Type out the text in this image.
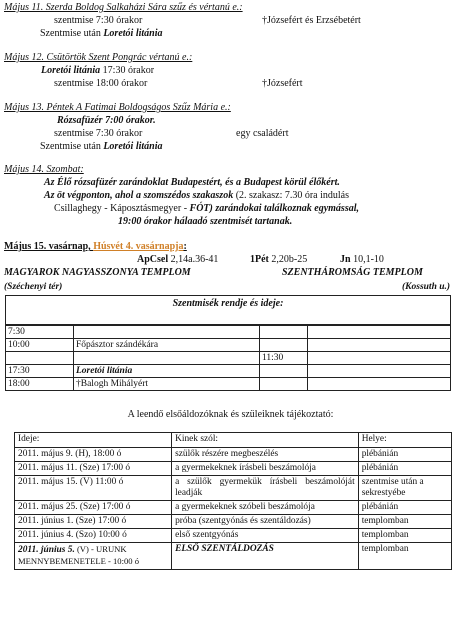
Május 11. Szerda Boldog Salkaházi Sára szűz és vértanú e.:
szentmise 7:30 órakor	†Józsefért és Erzsébetért
Szentmise után Loretói litánia
Május 12. Csütörtök Szent Pongrác vértanú e.:
Loretói litánia 17:30 órakor
szentmise 18:00 órakor	†Józsefért
Május 13. Péntek A Fatimai Boldogságos Szűz Mária e.:
Rózsafüzér 7:00 órakor.
szentmise 7:30 órakor	egy családért
Szentmise után Loretói litánia
Május 14. Szombat:
Az Élő rózsafüzér zarándoklat Budapestért, és a Budapest körül élőkért.
Az öt végponton, ahol a szomszédos szakaszok (2. szakasz: 7.30 óra indulás
Csillaghegy - Káposztásmegyer - FÓT) zarándokai találkoznak egymással,
19:00 órakor hálaadó szentmisét tartanak.
Május 15. vasárnap, Húsvét 4. vasárnapja:
ApCsel 2,14a.36-41	1Pét 2,20b-25	Jn 10,1-10
MAGYAROK NAGYASSZONYA TEMPLOM	SZENTHÁROMSÁG TEMPLOM
(Széchenyi tér)	(Kossuth u.)
Szentmisék rendje és ideje:
7:30			
10:00	Főpásztor szándékára		
		11:30	
17:30	Loretói litánia		
18:00	†Balogh Mihályért		
A leendő elsőáldozóknak és szüleiknek tájékoztató:
Ideje:	Kinek szól:	Helye:
2011. május 9. (H), 18:00 ó	szülők részére megbeszélés	plébánián
2011. május 11. (Sze) 17:00 ó	a gyermekeknek írásbeli beszámolója	plébánián
2011. május 15. (V) 11:00 ó	a szülők gyermekük írásbeli beszámolóját leadják	szentmise után a sekrestyébe
2011. május 25. (Sze) 17:00 ó	a gyermekeknek szóbeli beszámolója	plébánián
2011. június 1. (Sze) 17:00 ó	próba (szentgyónás és szentáldozás)	templomban
2011. június 4. (Szo) 10:00 ó	első szentgyónás	templomban
2011. június 5. (V) - URUNK MENNYBEMENETELE - 10:00 ó	ELSŐ SZENTÁLDOZÁS	templomban
